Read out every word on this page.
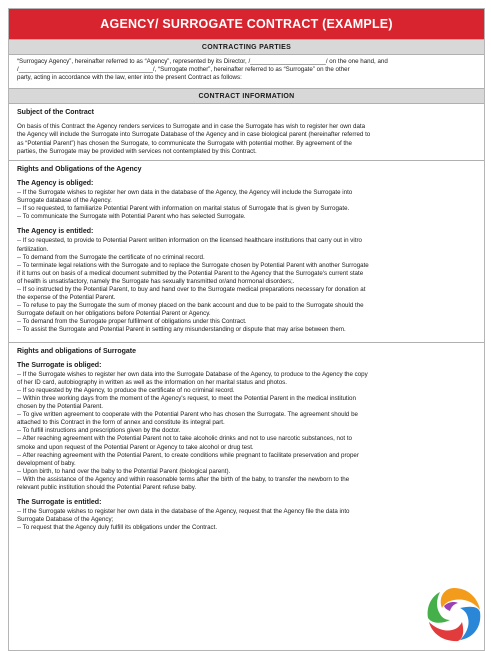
AGENCY/ SURROGATE CONTRACT (EXAMPLE)
CONTRACTING PARTIES

“Surrogacy Agency”, hereinafter referred to as “Agency”, represented by its Director, /______________________/ on the one hand, and

/_______________________________________/, “Surrogate mother”, hereinafter referred to as “Surrogate” on the other

party, acting in accordance with the law, enter into the present Contract as follows:

CONTRACT INFORMATION
Subject of the Contract

On basis of this Contract the Agency renders services to Surrogate and in case the Surrogate has wish to register her own data

the Agency will include the Surrogate into Surrogate Database of the Agency and in case biological parent (hereinafter referred to

as “Potential Parent”) has chosen the Surrogate, to communicate the Surrogate with potential mother. By agreement of the

parties, the Surrogate may be provided with services not contemplated by this Contract.

Rights and Obligations of the Agency
The Agency is obliged:

-- If the Surrogate wishes to register her own data in the database of the Agency, the Agency will include the Surrogate into

Surrogate database of the Agency.

-- If so requested, to familiarize Potential Parent with information on marital status of Surrogate that is given by Surrogate.

-- To communicate the Surrogate with Potential Parent who has selected Surrogate.

The Agency is entitled:

-- If so requested, to provide to Potential Parent written information on the licensed healthcare institutions that carry out in vitro

fertilization.

-- To demand from the Surrogate the certificate of no criminal record.

-- To terminate legal relations with the Surrogate and to replace the Surrogate chosen by Potential Parent with another Surrogate

if it turns out on basis of a medical document submitted by the Potential Parent to the Agency that the Surrogate's current state

of health is unsatisfactory, namely the Surrogate has sexually transmitted or/and hormonal disorders;.

-- If so instructed by the Potential Parent, to buy and hand over to the Surrogate medical preparations necessary for donation at

the expense of the Potential Parent.

-- To refuse to pay the Surrogate the sum of money placed on the bank account and due to be paid to the Surrogate should the

Surrogate default on her obligations before Potential Parent or Agency.

-- To demand from the Surrogate proper fulfilment of obligations under this Contract.

-- To assist the Surrogate and Potential Parent in settling any misunderstanding or dispute that may arise between them.

Rights and obligations of Surrogate
The Surrogate is obliged:

-- If the Surrogate wishes to register her own data into the Surrogate Database of the Agency, to produce to the Agency the copy

of her ID card, autobiography in written as well as the information on her marital status and photos.

-- If so requested by the Agency, to produce the certificate of no criminal record.

-- Within three working days from the moment of the Agency's request, to meet the Potential Parent in the medical institution

chosen by the Potential Parent.

-- To give written agreement to cooperate with the Potential Parent who has chosen the Surrogate. The agreement should be

attached to this Contract in the form of annex and constitute its integral part.

-- To fulfill instructions and prescriptions given by the doctor.

-- After reaching agreement with the Potential Parent not to take alcoholic drinks and not to use narcotic substances, not to

smoke and upon request of the Potential Parent or Agency to take alcohol or drug test.

-- After reaching agreement with the Potential Parent, to create conditions while pregnant to facilitate preservation and proper

development of baby.

-- Upon birth, to hand over the baby to the Potential Parent (biological parent).

-- With the assistance of the Agency and within reasonable terms after the birth of the baby, to transfer the newborn to the

relevant public institution should the Potential Parent refuse baby.

The Surrogate is entitled:

-- If the Surrogate wishes to register her own data in the database of the Agency, request that the Agency file the data into

Surrogate Database of the Agency;

-- To request that the Agency duly fulfill its obligations under the Contract.
